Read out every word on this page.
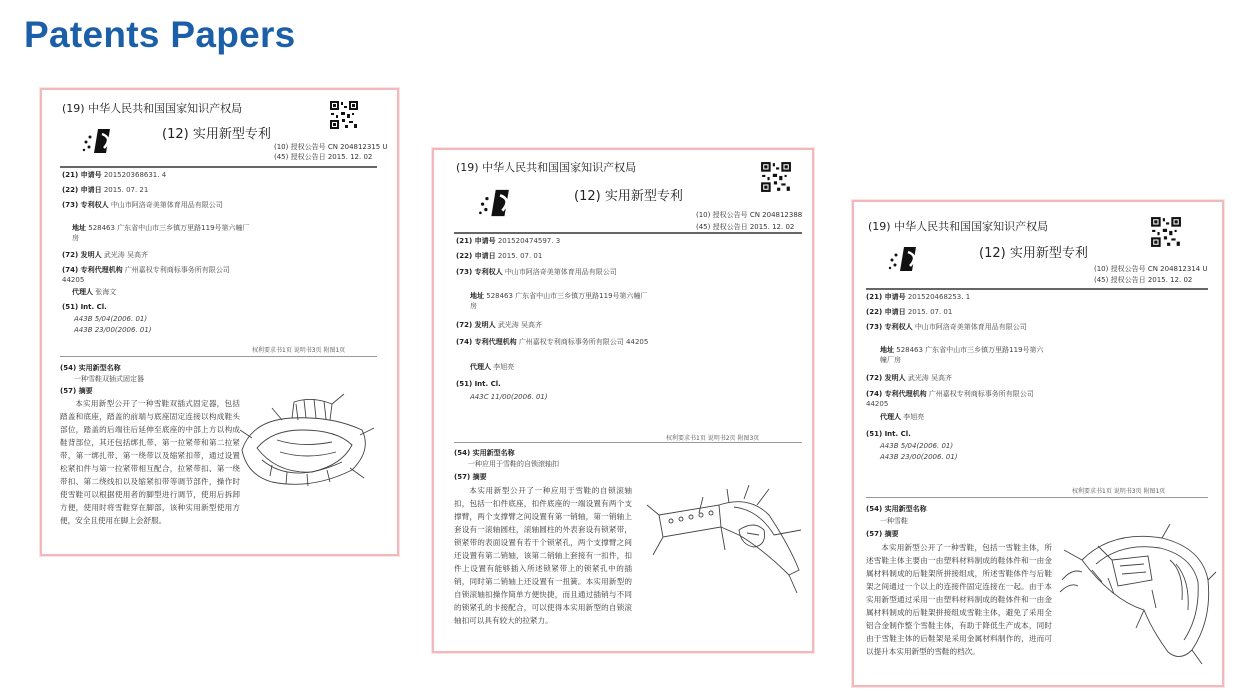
Patents Papers
(19) 中华人民共和国国家知识产权局
(12) 实用新型专利
(10) 授权公告号 CN 204812315 U
(45) 授权公告日 2015. 12. 02
(21) 申请号 201520368631. 4
(22) 申请日 2015. 07. 21
(73) 专利权人 中山市阿洛奇美第体育用品有限公司
地址 528463 广东省中山市三乡镇万里路119号第六幢厂房
(72) 发明人 武光涛 吴高齐
(74) 专利代理机构 广州嘉权专利商标事务所有限公司 44205
代理人 张海文
(51) Int. Cl.
A43B 5/04(2006. 01)
A43B 23/00(2006. 01)
权利要求书1页 说明书3页 附图1页
(54) 实用新型名称
一种雪鞋双插式固定器
(57) 摘要
本实用新型公开了一种雪鞋双插式固定器，包括踏盖和底座，踏盖的前端与底座固定连接以构成鞋头部位，踏盖的后端往后延伸至底座的中部上方以构成鞋背部位，其还包括绑扎带、第一拉紧带和第二拉紧带，第一绑扎带、第一绕带以及缩紧扣带，通过设置松紧扣件与第一拉紧带相互配合，拉紧带扣、第一绕带扣、第二绕线扣以及缩紧扣带等调节部件，操作时使雪鞋可以根据使用者的脚型进行调节，使用后拆卸方便，使用时将雪鞋穿在脚部，该种实用新型使用方便，安全且使用在脚上会舒服。
(19) 中华人民共和国国家知识产权局
(12) 实用新型专利
(10) 授权公告号 CN 204812388
(45) 授权公告日 2015. 12. 02
(21) 申请号 201520474597. 3
(22) 申请日 2015. 07. 01
(73) 专利权人 中山市阿洛奇美第体育用品有限公司
地址 528463 广东省中山市三乡镇万里路119号第六幢厂房
(72) 发明人 武光涛 吴高齐
(74) 专利代理机构 广州嘉权专利商标事务所有限公司 44205
代理人 李旭亮
(51) Int. Cl.
A43C 11/00(2006. 01)
权利要求书1页 说明书2页 附图3页
(54) 实用新型名称
一种应用于雪鞋的自锁滚轴扣
(57) 摘要
本实用新型公开了一种应用于雪鞋的自锁滚轴扣，包括一扣件底座，扣件底座的一端设置有两个支撑臂，两个支撑臂之间设置有第一销轴，第一销轴上套设有一滚轴圆柱，滚轴圆柱的外表套设有锁紧带，锁紧带的表面设置有若干个锁紧孔，两个支撑臂之间还设置有第二销轴，该第二销轴上套接有一扣件，扣件上设置有能够插入所述锁紧带上的锁紧孔中的插销，同时第二销轴上还设置有一扭簧。本实用新型的自锁滚轴扣操作简单方便快捷，而且通过插销与不同的锁紧孔的卡接配合，可以使得本实用新型的自锁滚轴扣可以具有较大的拉紧力。
(19) 中华人民共和国国家知识产权局
(12) 实用新型专利
(10) 授权公告号 CN 204812314 U
(45) 授权公告日 2015. 12. 02
(21) 申请号 201520468253. 1
(22) 申请日 2015. 07. 01
(73) 专利权人 中山市阿洛奇美第体育用品有限公司
地址 528463 广东省中山市三乡镇万里路119号第六幢厂房
(72) 发明人 武光涛 吴高齐
(74) 专利代理机构 广州嘉权专利商标事务所有限公司 44205
代理人 李旭亮
(51) Int. Cl.
A43B 5/04(2006. 01)
A43B 23/00(2006. 01)
权利要求书1页 说明书3页 附图1页
(54) 实用新型名称
一种雪鞋
(57) 摘要
本实用新型公开了一种雪鞋，包括一雪鞋主体，所述雪鞋主体主要由一由塑料材料制成的鞋体件和一由金属材料制成的后鞋架所拼接组成，所述雪鞋体件与后鞋架之间通过一个以上的连接件固定连接在一起。由于本实用新型通过采用一由塑料材料制成的鞋体件和一由金属材料制成的后鞋架拼接组成雪鞋主体，避免了采用全铝合金制作整个雪鞋主体，有助于降低生产成本，同时由于雪鞋主体的后鞋架是采用金属材料制作的，进而可以提升本实用新型的雪鞋的档次。
